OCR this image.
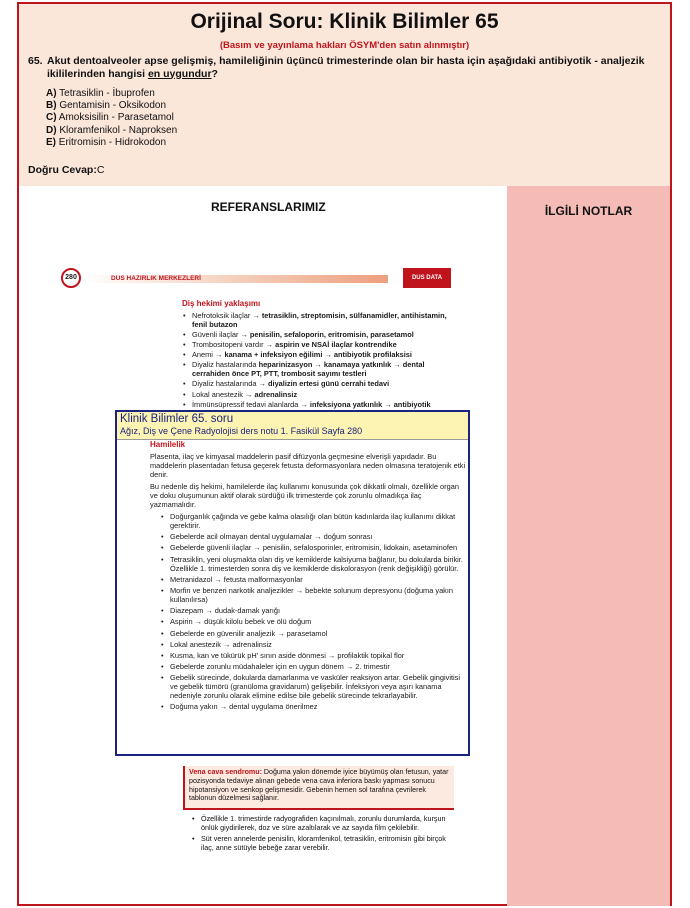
Orijinal Soru: Klinik Bilimler 65
(Basım ve yayınlama hakları ÖSYM'den satın alınmıştır)
65. Akut dentoalveoler apse gelişmiş, hamileliğinin üçüncü trimesterinde olan bir hasta için aşağıdaki antibiyotik - analjezik ikililerinden hangisi en uygundur?
A) Tetrasiklin - İbuprofen
B) Gentamisin - Oksikodon
C) Amoksisilin - Parasetamol
D) Kloramfenikol - Naproksen
E) Eritromisin - Hidrokodon
Doğru Cevap:C
REFERANSLARIMIZ	İLGİLİ NOTLAR
280	DUS HAZIRLIK MERKEZLERİ	DUS DATA
Diş hekimi yaklaşımı
• Nefrotoksik ilaçlar → tetrasiklin, streptomisin, sülfanamidler, antihistamin, fenil butazon
• Güvenli ilaçlar → penisilin, sefaloporin, eritromisin, parasetamol
• Trombositopeni vardır → aspirin ve NSAİ ilaçlar kontrendike
• Anemi → kanama + infeksiyon eğilimi → antibiyotik profilaksisi
• Diyaliz hastalarında heparinizasyon → kanamaya yatkınlık → dental cerrahiden önce PT, PTT, trombosit sayımı testleri
• Diyaliz hastalarında → diyalizin ertesi günü cerrahi tedavi
• Lokal anestezik → adrenalinsiz
• İmmünsüpressif tedavi alanlarda → infeksiyona yatkınlık → antibiyotik
Vena cava sendromu: Doğuma yakın dönemde iyice büyümüş olan fetusun, yatar pozisyonda tedaviye alınan gebede vena cava inferiora baskı yapması sonucu hipotansiyon ve senkop gelişmesidir. Gebenin hemen sol tarafına çevrilerek tablonun düzelmesi sağlanır.
• Özellikle 1. trimestirde radyografiden kaçınılmalı, zorunlu durumlarda, kurşun önlük giydirilerek, doz ve süre azaltılarak ve az sayıda film çekilebilir.
• Süt veren annelerde penisilin, kloramfenikol, tetrasiklin, eritromisin gibi birçok ilaç, anne sütüyle bebeğe zarar verebilir.
Klinik Bilimler 65. soru
Ağız, Diş ve Çene Radyolojisi ders notu 1. Fasikül Sayfa 280
Hamilelik

Plasenta, ilaç ve kimyasal maddelerin pasif difüzyonla geçmesine elverişli yapıdadır. Bu maddelerin plasentadan fetusa geçerek fetusta deformasyonlara neden olmasına teratojenik etki denir.

Bu nedenle diş hekimi, hamilelerde ilaç kullanımı konusunda çok dikkatli olmalı, özellikle organ ve doku oluşumunun aktif olarak sürdüğü ilk trimesterde çok zorunlu olmadıkça ilaç yazmamalıdır.

• Doğurganlık çağında ve gebe kalma olasılığı olan bütün kadınlarda ilaç kullanımı dikkat gerektirir.
• Gebelerde acil olmayan dental uygulamalar → doğum sonrası
• Gebelerde güvenli ilaçlar → penisilin, sefalosporinler, eritromisin, lidokain, asetaminofen
• Tetrasiklin, yeni oluşmakta olan diş ve kemiklerde kalsiyuma bağlanır, bu dokularda birikir. Özellikle 1. trimesterden sonra diş ve kemiklerde diskolorasyon (renk değişikliği) görülür.
• Metranidazol → fetusta malformasyonlar
• Morfin ve benzeri narkotik analjezikler → bebekte solunum depresyonu (doğuma yakın kullanılırsa)
• Diazepam → dudak-damak yarığı
• Aspirin → düşük kilolu bebek ve ölü doğum
• Gebelerde en güvenilir analjezik → parasetamol
• Lokal anestezik → adrenalinsiz
• Kusma, kan ve tükürük pH' sının aside dönmesi → profilaktik topikal flor
• Gebelerde zorunlu müdahaleler için en uygun dönem → 2. trimestir
• Gebelik sürecinde, dokularda damarlanma ve vasküler reaksiyon artar. Gebelik gingivitisi ve gebelik tümörü (granüloma gravidarum) gelişebilir. İnfeksiyon veya aşırı kanama nedeniyle zorunlu olarak elimine edilse bile gebelik sürecinde tekrarlayabilir.
• Doğuma yakın → dental uygulama önerilmez
